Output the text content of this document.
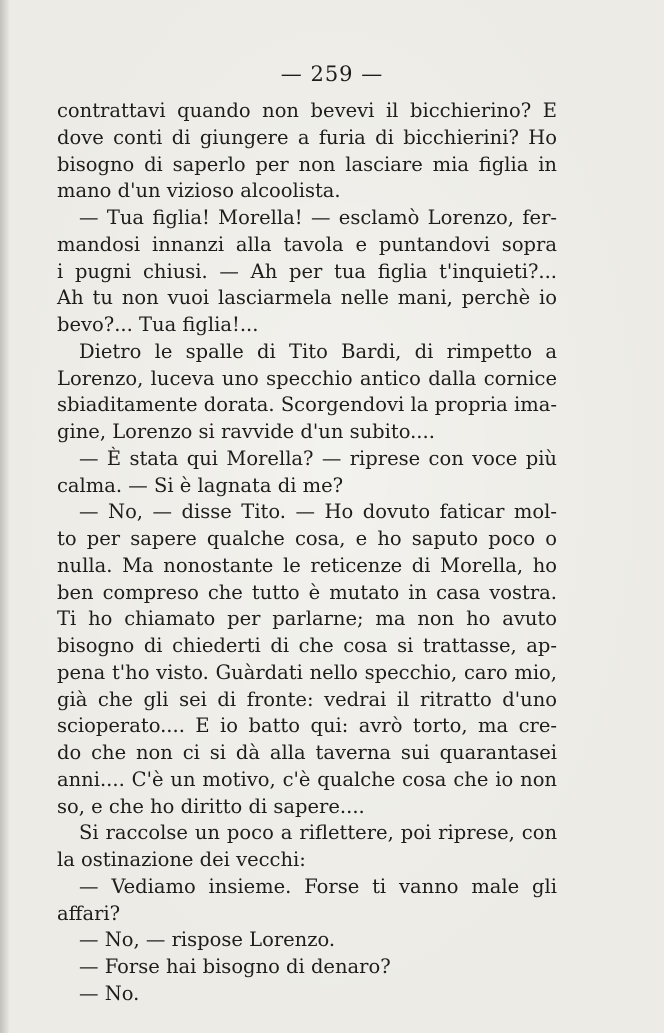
— 259 —
contrattavi quando non bevevi il bicchierino? E
dove conti di giungere a furia di bicchierini? Ho
bisogno di saperlo per non lasciare mia figlia in
mano d'un vizioso alcoolista.
— Tua figlia! Morella! — esclamò Lorenzo, fer-
mandosi innanzi alla tavola e puntandovi sopra
i pugni chiusi. — Ah per tua figlia t'inquieti?...
Ah tu non vuoi lasciarmela nelle mani, perchè io
bevo?... Tua figlia!...
Dietro le spalle di Tito Bardi, di rimpetto a
Lorenzo, luceva uno specchio antico dalla cornice
sbiaditamente dorata. Scorgendovi la propria ima-
gine, Lorenzo si ravvide d'un subito....
— È stata qui Morella? — riprese con voce più
calma. — Si è lagnata di me?
— No, — disse Tito. — Ho dovuto faticar mol-
to per sapere qualche cosa, e ho saputo poco o
nulla. Ma nonostante le reticenze di Morella, ho
ben compreso che tutto è mutato in casa vostra.
Ti ho chiamato per parlarne; ma non ho avuto
bisogno di chiederti di che cosa si trattasse, ap-
pena t'ho visto. Guàrdati nello specchio, caro mio,
già che gli sei di fronte: vedrai il ritratto d'uno
scioperato.... E io batto qui: avrò torto, ma cre-
do che non ci si dà alla taverna sui quarantasei
anni.... C'è un motivo, c'è qualche cosa che io non
so, e che ho diritto di sapere....
Si raccolse un poco a riflettere, poi riprese, con
la ostinazione dei vecchi:
— Vediamo insieme. Forse ti vanno male gli
affari?
— No, — rispose Lorenzo.
— Forse hai bisogno di denaro?
— No.
